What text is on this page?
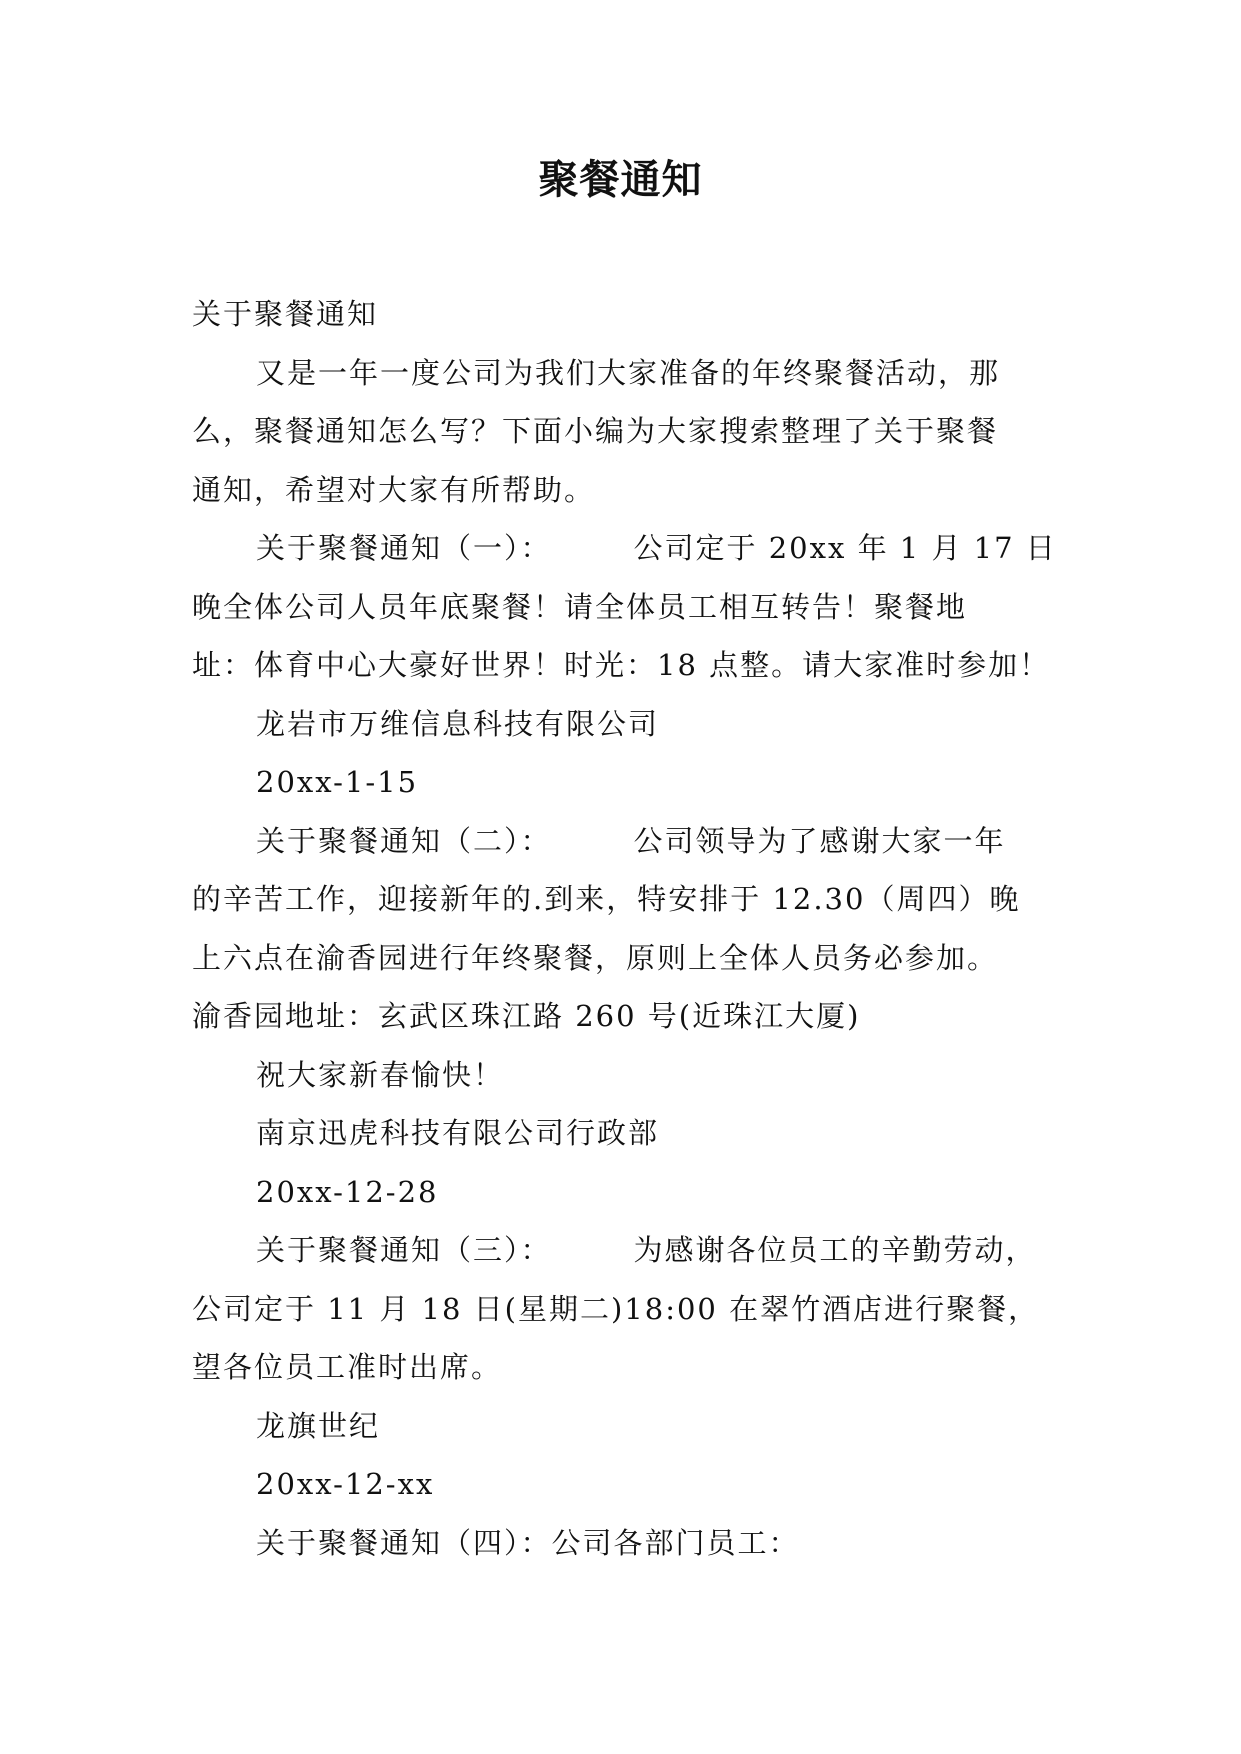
聚餐通知

关于聚餐通知

又是一年一度公司为我们大家准备的年终聚餐活动，那

么，聚餐通知怎么写？下面小编为大家搜索整理了关于聚餐

通知，希望对大家有所帮助。

关于聚餐通知（一）：	公司定于 20xx 年 1 月 17 日

晚全体公司人员年底聚餐！请全体员工相互转告！聚餐地

址：体育中心大豪好世界！时光：18 点整。请大家准时参加！

龙岩市万维信息科技有限公司

20xx-1-15

关于聚餐通知（二）：	公司领导为了感谢大家一年

的辛苦工作，迎接新年的.到来，特安排于 12.30（周四）晚

上六点在渝香园进行年终聚餐，原则上全体人员务必参加。

渝香园地址：玄武区珠江路 260 号(近珠江大厦)

祝大家新春愉快！

南京迅虎科技有限公司行政部

20xx-12-28

关于聚餐通知（三）：	为感谢各位员工的辛勤劳动，

公司定于 11 月 18 日(星期二)18:00 在翠竹酒店进行聚餐，

望各位员工准时出席。

龙旗世纪

20xx-12-xx

关于聚餐通知（四）：公司各部门员工：
